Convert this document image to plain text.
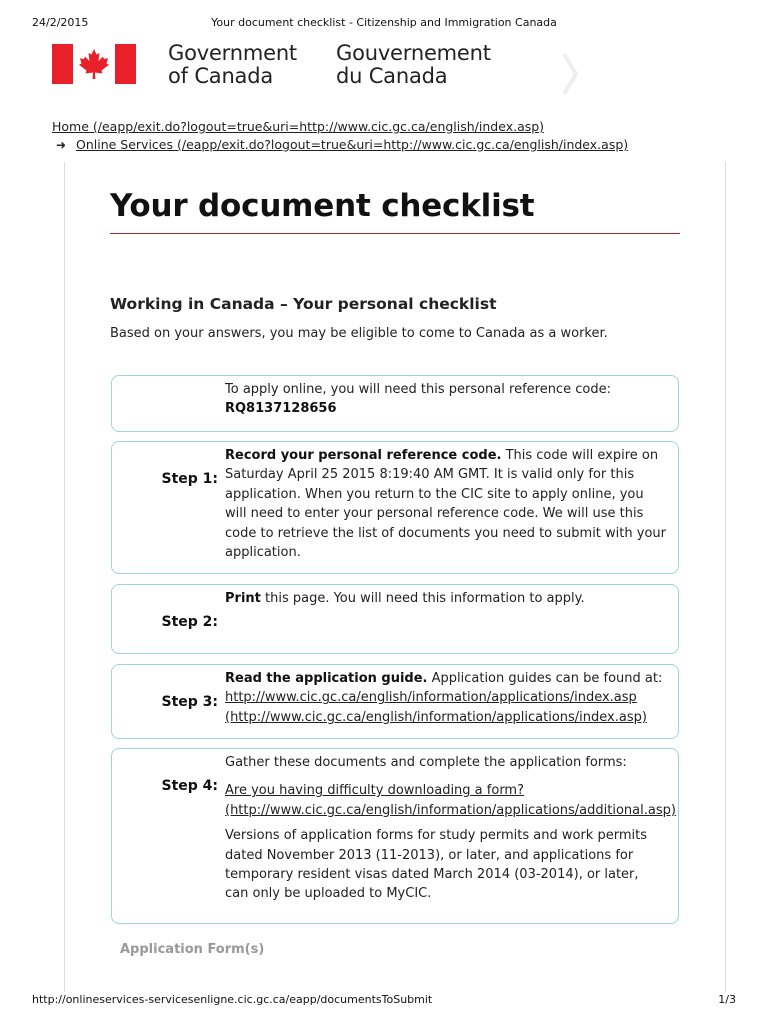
24/2/2015	Your document checklist - Citizenship and Immigration Canada
Government
of Canada
Gouvernement
du Canada
Home (/eapp/exit.do?logout=true&uri=http://www.cic.gc.ca/english/index.asp)
➜ Online Services (/eapp/exit.do?logout=true&uri=http://www.cic.gc.ca/english/index.asp)
Your document checklist
Working in Canada – Your personal checklist

Based on your answers, you may be eligible to come to Canada as a worker.

To apply online, you will need this personal reference code:
RQ8137128656
Step 1:
Record your personal reference code. This code will expire on Saturday April 25 2015 8:19:40 AM GMT. It is valid only for this application. When you return to the CIC site to apply online, you will need to enter your personal reference code. We will use this code to retrieve the list of documents you need to submit with your application.
Step 2:
Print this page. You will need this information to apply.
Step 3:
Read the application guide. Application guides can be found at:
http://www.cic.gc.ca/english/information/applications/index.asp (http://www.cic.gc.ca/english/information/applications/index.asp)
Step 4:
Gather these documents and complete the application forms:
Are you having difficulty downloading a form? (http://www.cic.gc.ca/english/information/applications/additional.asp)
Versions of application forms for study permits and work permits dated November 2013 (11-2013), or later, and applications for temporary resident visas dated March 2014 (03-2014), or later, can only be uploaded to MyCIC.
Application Form(s)
http://onlineservices-servicesenligne.cic.gc.ca/eapp/documentsToSubmit	1/3
